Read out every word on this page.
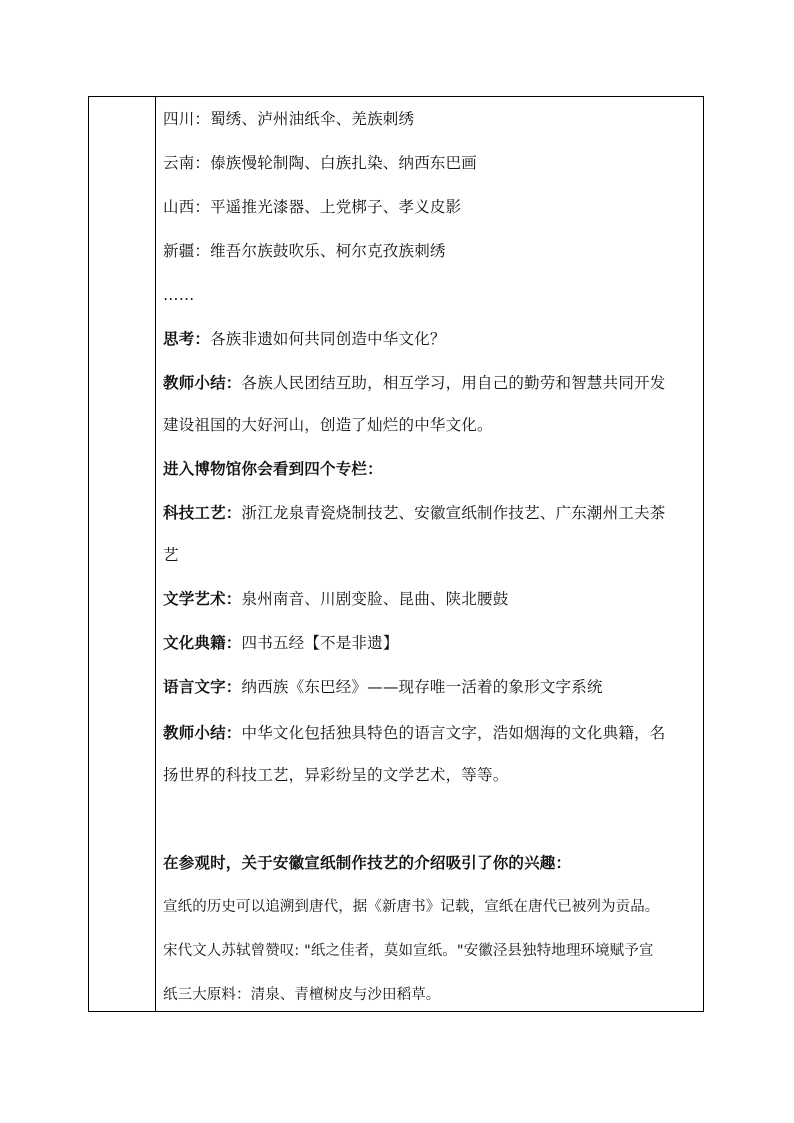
四川：蜀绣、泸州油纸伞、羌族刺绣
云南：傣族慢轮制陶、白族扎染、纳西东巴画
山西：平遥推光漆器、上党梆子、孝义皮影
新疆：维吾尔族鼓吹乐、柯尔克孜族刺绣
……
思考：各族非遗如何共同创造中华文化？
教师小结：各族人民团结互助，相互学习，用自己的勤劳和智慧共同开发
建设祖国的大好河山，创造了灿烂的中华文化。
进入博物馆你会看到四个专栏：
科技工艺：浙江龙泉青瓷烧制技艺、安徽宣纸制作技艺、广东潮州工夫茶
艺
文学艺术：泉州南音、川剧变脸、昆曲、陕北腰鼓
文化典籍：四书五经【不是非遗】
语言文字：纳西族《东巴经》——现存唯一活着的象形文字系统
教师小结：中华文化包括独具特色的语言文字，浩如烟海的文化典籍，名
扬世界的科技工艺，异彩纷呈的文学艺术，等等。
在参观时，关于安徽宣纸制作技艺的介绍吸引了你的兴趣：
宣纸的历史可以追溯到唐代，据《新唐书》记载，宣纸在唐代已被列为贡品。
宋代文人苏轼曾赞叹: "纸之佳者，莫如宣纸。"安徽泾县独特地理环境赋予宣
纸三大原料：清泉、青檀树皮与沙田稻草。
